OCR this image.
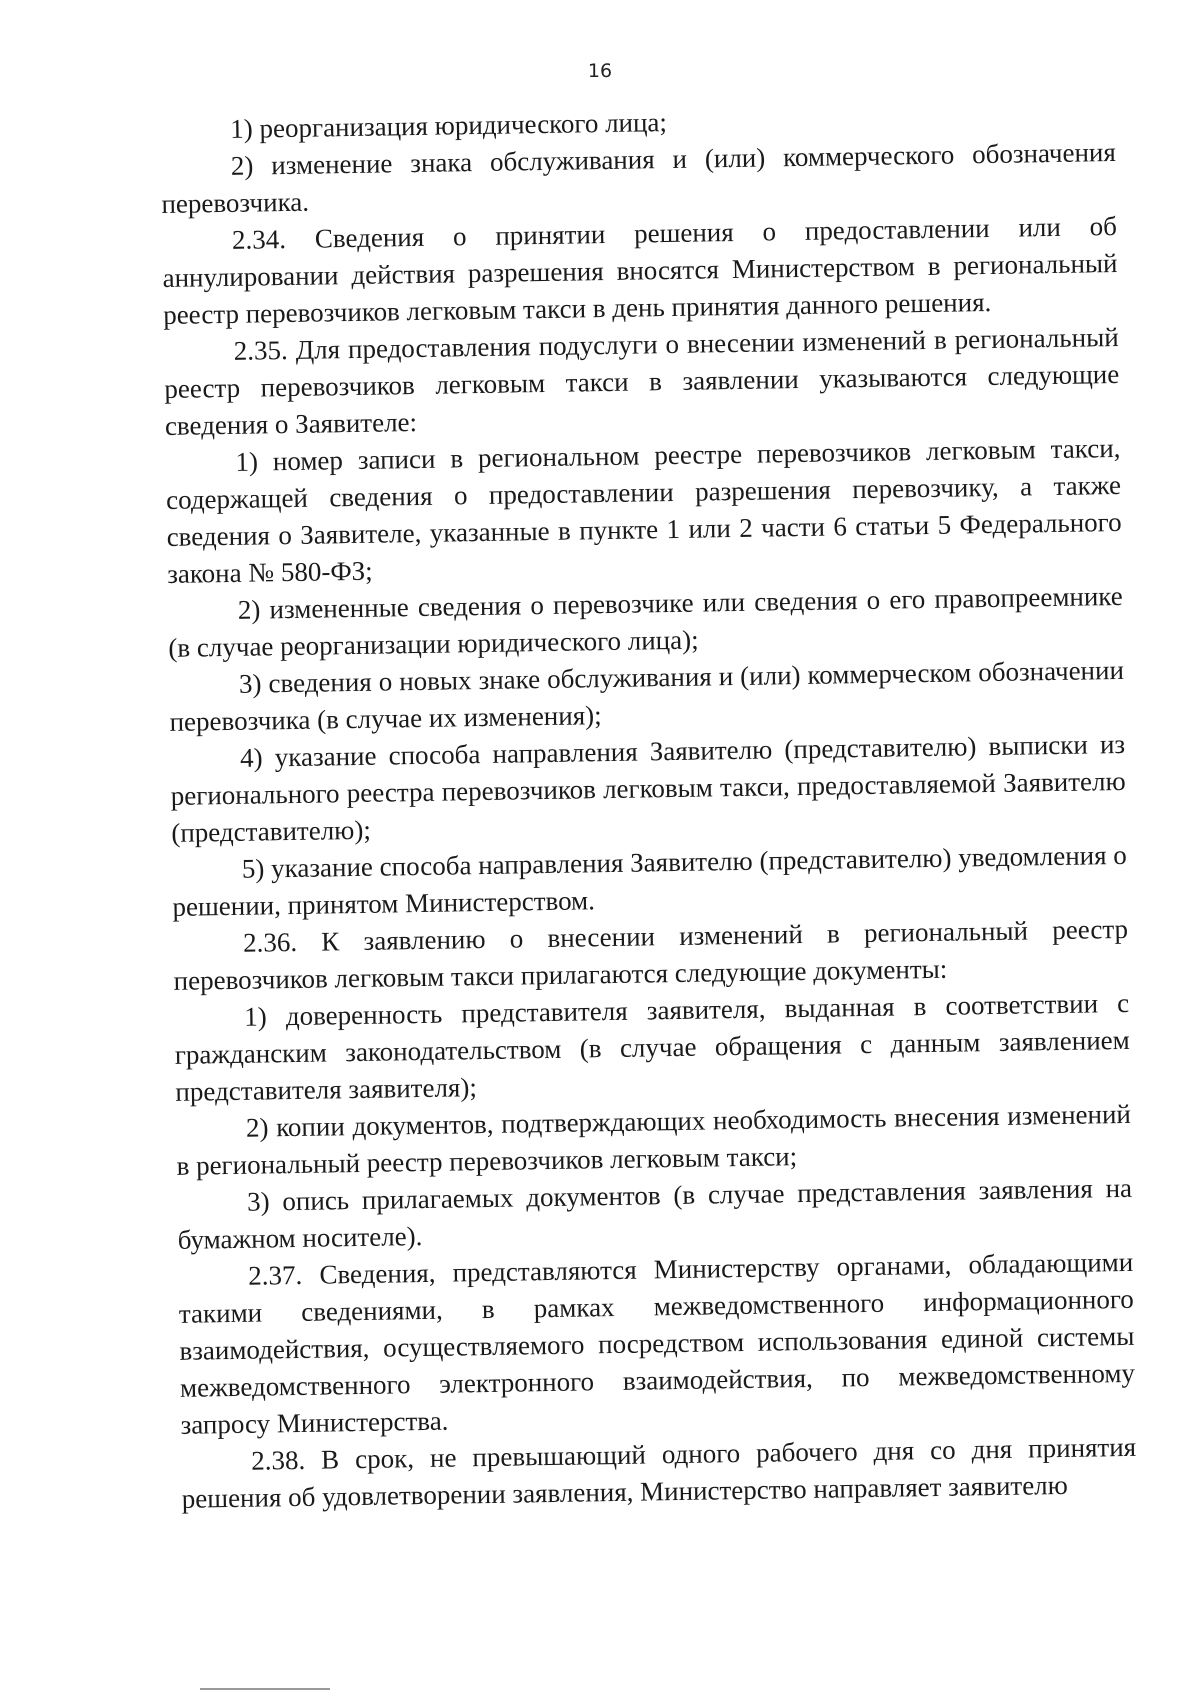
16

1) реорганизация юридического лица;

2) изменение знака обслуживания и (или) коммерческого обозначения перевозчика.

2.34. Сведения о принятии решения о предоставлении или об аннулировании действия разрешения вносятся Министерством в региональный реестр перевозчиков легковым такси в день принятия данного решения.

2.35. Для предоставления подуслуги о внесении изменений в региональный реестр перевозчиков легковым такси в заявлении указываются следующие сведения о Заявителе:

1) номер записи в региональном реестре перевозчиков легковым такси, содержащей сведения о предоставлении разрешения перевозчику, а также сведения о Заявителе, указанные в пункте 1 или 2 части 6 статьи 5 Федерального закона № 580-ФЗ;

2) измененные сведения о перевозчике или сведения о его правопреемнике (в случае реорганизации юридического лица);

3) сведения о новых знаке обслуживания и (или) коммерческом обозначении перевозчика (в случае их изменения);

4) указание способа направления Заявителю (представителю) выписки из регионального реестра перевозчиков легковым такси, предоставляемой Заявителю (представителю);

5) указание способа направления Заявителю (представителю) уведомления о решении, принятом Министерством.

2.36. К заявлению о внесении изменений в региональный реестр перевозчиков легковым такси прилагаются следующие документы:

1) доверенность представителя заявителя, выданная в соответствии с гражданским законодательством (в случае обращения с данным заявлением представителя заявителя);

2) копии документов, подтверждающих необходимость внесения изменений в региональный реестр перевозчиков легковым такси;

3) опись прилагаемых документов (в случае представления заявления на бумажном носителе).

2.37. Сведения, представляются Министерству органами, обладающими такими сведениями, в рамках межведомственного информационного взаимодействия, осуществляемого посредством использования единой системы межведомственного электронного взаимодействия, по межведомственному запросу Министерства.

2.38. В срок, не превышающий одного рабочего дня со дня принятия решения об удовлетворении заявления, Министерство направляет заявителю
